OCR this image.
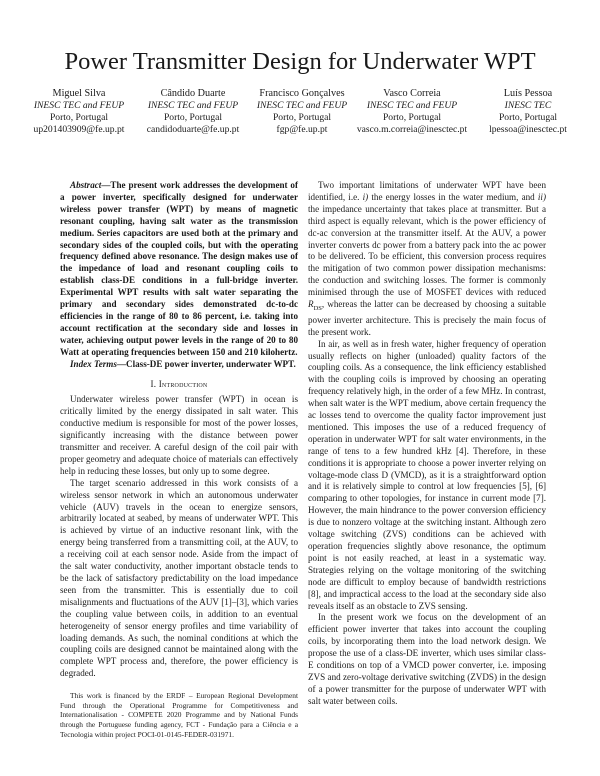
Power Transmitter Design for Underwater WPT
Miguel Silva
INESC TEC and FEUP
Porto, Portugal
up201403909@fe.up.pt
Cândido Duarte
INESC TEC and FEUP
Porto, Portugal
candidoduarte@fe.up.pt
Francisco Gonçalves
INESC TEC and FEUP
Porto, Portugal
fgp@fe.up.pt
Vasco Correia
INESC TEC and FEUP
Porto, Portugal
vasco.m.correia@inesctec.pt
Luís Pessoa
INESC TEC
Porto, Portugal
lpessoa@inesctec.pt

Abstract—The present work addresses the development of a power inverter, specifically designed for underwater wireless power transfer (WPT) by means of magnetic resonant coupling, having salt water as the transmission medium. Series capacitors are used both at the primary and secondary sides of the coupled coils, but with the operating frequency defined above resonance. The design makes use of the impedance of load and resonant coupling coils to establish class-DE conditions in a full-bridge inverter. Experimental WPT results with salt water separating the primary and secondary sides demonstrated dc-to-dc efficiencies in the range of 80 to 86 percent, i.e. taking into account rectification at the secondary side and losses in water, achieving output power levels in the range of 20 to 80 Watt at operating frequencies between 150 and 210 kilohertz.

Index Terms—Class-DE power inverter, underwater WPT.

I. Introduction

Underwater wireless power transfer (WPT) in ocean is critically limited by the energy dissipated in salt water. This conductive medium is responsible for most of the power losses, significantly increasing with the distance between power transmitter and receiver. A careful design of the coil pair with proper geometry and adequate choice of materials can effectively help in reducing these losses, but only up to some degree.

The target scenario addressed in this work consists of a wireless sensor network in which an autonomous underwater vehicle (AUV) travels in the ocean to energize sensors, arbitrarily located at seabed, by means of underwater WPT. This is achieved by virtue of an inductive resonant link, with the energy being transferred from a transmitting coil, at the AUV, to a receiving coil at each sensor node. Aside from the impact of the salt water conductivity, another important obstacle tends to be the lack of satisfactory predictability on the load impedance seen from the transmitter. This is essentially due to coil misalignments and fluctuations of the AUV [1]–[3], which varies the coupling value between coils, in addition to an eventual heterogeneity of sensor energy profiles and time variability of loading demands. As such, the nominal conditions at which the coupling coils are designed cannot be maintained along with the complete WPT process and, therefore, the power efficiency is degraded.

This work is financed by the ERDF – European Regional Development Fund through the Operational Programme for Competitiveness and Internationalisation - COMPETE 2020 Programme and by National Funds through the Portuguese funding agency, FCT - Fundação para a Ciência e a Tecnologia within project POCI-01-0145-FEDER-031971.

Two important limitations of underwater WPT have been identified, i.e. i) the energy losses in the water medium, and ii) the impedance uncertainty that takes place at transmitter. But a third aspect is equally relevant, which is the power efficiency of dc-ac conversion at the transmitter itself. At the AUV, a power inverter converts dc power from a battery pack into the ac power to be delivered. To be efficient, this conversion process requires the mitigation of two common power dissipation mechanisms: the conduction and switching losses. The former is commonly minimised through the use of MOSFET devices with reduced $R_{DS}$, whereas the latter can be decreased by choosing a suitable power inverter architecture. This is precisely the main focus of the present work.

In air, as well as in fresh water, higher frequency of operation usually reflects on higher (unloaded) quality factors of the coupling coils. As a consequence, the link efficiency established with the coupling coils is improved by choosing an operating frequency relatively high, in the order of a few MHz. In contrast, when salt water is the WPT medium, above certain frequency the ac losses tend to overcome the quality factor improvement just mentioned. This imposes the use of a reduced frequency of operation in underwater WPT for salt water environments, in the range of tens to a few hundred kHz [4]. Therefore, in these conditions it is appropriate to choose a power inverter relying on voltage-mode class D (VMCD), as it is a straightforward option and it is relatively simple to control at low frequencies [5], [6] comparing to other topologies, for instance in current mode [7]. However, the main hindrance to the power conversion efficiency is due to nonzero voltage at the switching instant. Although zero voltage switching (ZVS) conditions can be achieved with operation frequencies slightly above resonance, the optimum point is not easily reached, at least in a systematic way. Strategies relying on the voltage monitoring of the switching node are difficult to employ because of bandwidth restrictions [8], and impractical access to the load at the secondary side also reveals itself as an obstacle to ZVS sensing.

In the present work we focus on the development of an efficient power inverter that takes into account the coupling coils, by incorporating them into the load network design. We propose the use of a class-DE inverter, which uses similar class-E conditions on top of a VMCD power converter, i.e. imposing ZVS and zero-voltage derivative switching (ZVDS) in the design of a power transmitter for the purpose of underwater WPT with salt water between coils.
